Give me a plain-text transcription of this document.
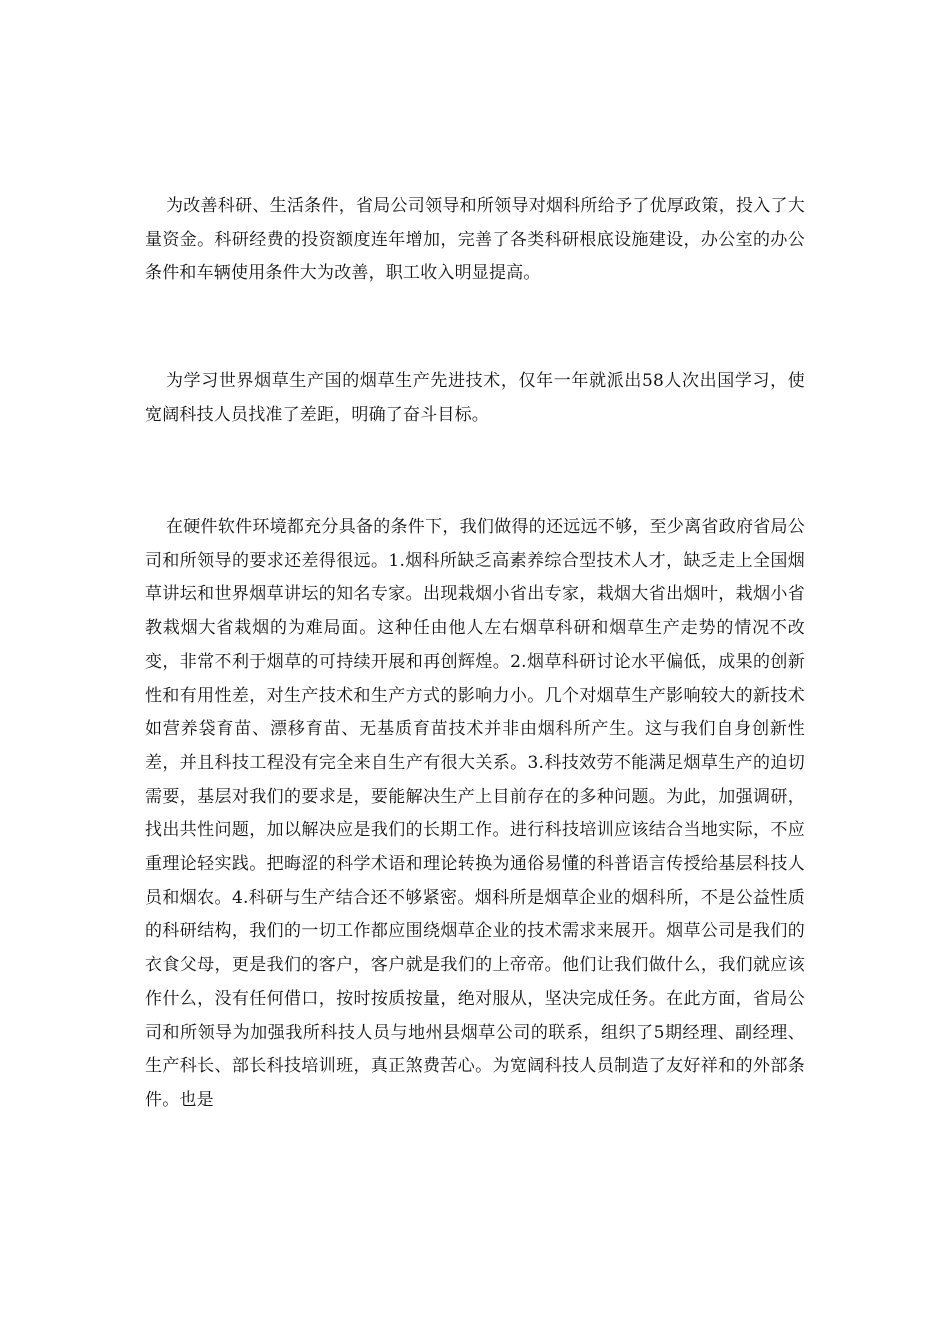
为改善科研、生活条件，省局公司领导和所领导对烟科所给予了优厚政策，投入了大量资金。科研经费的投资额度连年增加，完善了各类科研根底设施建设，办公室的办公条件和车辆使用条件大为改善，职工收入明显提高。

为学习世界烟草生产国的烟草生产先进技术，仅年一年就派出58人次出国学习，使宽阔科技人员找准了差距，明确了奋斗目标。

在硬件软件环境都充分具备的条件下，我们做得的还远远不够，至少离省政府省局公司和所领导的要求还差得很远。1.烟科所缺乏高素养综合型技术人才，缺乏走上全国烟草讲坛和世界烟草讲坛的知名专家。出现栽烟小省出专家，栽烟大省出烟叶，栽烟小省教栽烟大省栽烟的为难局面。这种任由他人左右烟草科研和烟草生产走势的情况不改变，非常不利于烟草的可持续开展和再创辉煌。2.烟草科研讨论水平偏低，成果的创新性和有用性差，对生产技术和生产方式的影响力小。几个对烟草生产影响较大的新技术如营养袋育苗、漂移育苗、无基质育苗技术并非由烟科所产生。这与我们自身创新性差，并且科技工程没有完全来自生产有很大关系。3.科技效劳不能满足烟草生产的迫切需要，基层对我们的要求是，要能解决生产上目前存在的多种问题。为此，加强调研，找出共性问题，加以解决应是我们的长期工作。进行科技培训应该结合当地实际，不应重理论轻实践。把晦涩的科学术语和理论转换为通俗易懂的科普语言传授给基层科技人员和烟农。4.科研与生产结合还不够紧密。烟科所是烟草企业的烟科所，不是公益性质的科研结构，我们的一切工作都应围绕烟草企业的技术需求来展开。烟草公司是我们的衣食父母，更是我们的客户，客户就是我们的上帝帝。他们让我们做什么，我们就应该作什么，没有任何借口，按时按质按量，绝对服从，坚决完成任务。在此方面，省局公司和所领导为加强我所科技人员与地州县烟草公司的联系，组织了5期经理、副经理、生产科长、部长科技培训班，真正煞费苦心。为宽阔科技人员制造了友好祥和的外部条件。也是
